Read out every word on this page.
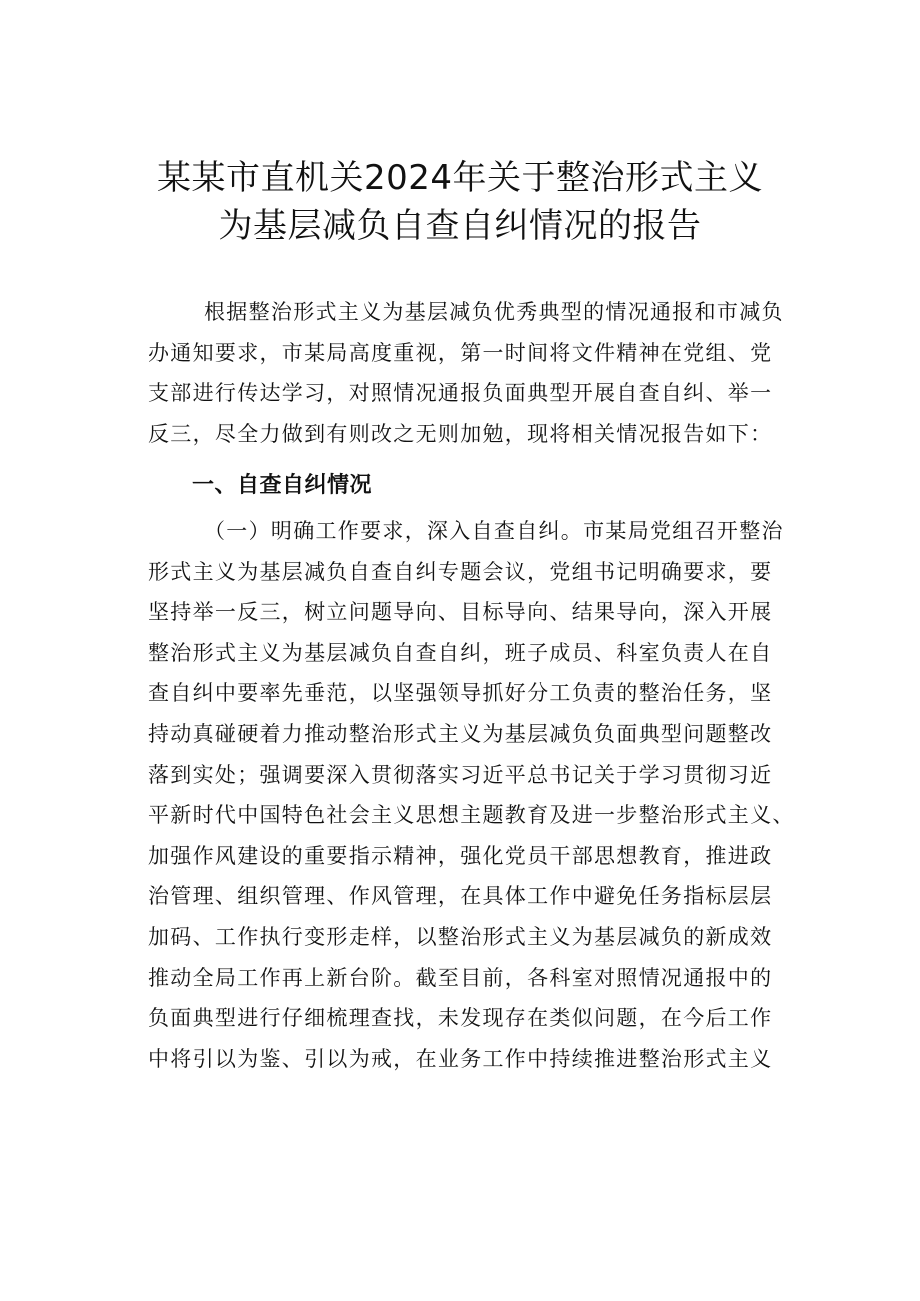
某某市直机关2024年关于整治形式主义
为基层减负自查自纠情况的报告
根据整治形式主义为基层减负优秀典型的情况通报和市减负
办通知要求，市某局高度重视，第一时间将文件精神在党组、党
支部进行传达学习，对照情况通报负面典型开展自查自纠、举一
反三，尽全力做到有则改之无则加勉，现将相关情况报告如下：
一、自查自纠情况
（一）明确工作要求，深入自查自纠。市某局党组召开整治
形式主义为基层减负自查自纠专题会议，党组书记明确要求，要
坚持举一反三，树立问题导向、目标导向、结果导向，深入开展
整治形式主义为基层减负自查自纠，班子成员、科室负责人在自
查自纠中要率先垂范，以坚强领导抓好分工负责的整治任务，坚
持动真碰硬着力推动整治形式主义为基层减负负面典型问题整改
落到实处；强调要深入贯彻落实习近平总书记关于学习贯彻习近
平新时代中国特色社会主义思想主题教育及进一步整治形式主义、
加强作风建设的重要指示精神，强化党员干部思想教育，推进政
治管理、组织管理、作风管理，在具体工作中避免任务指标层层
加码、工作执行变形走样，以整治形式主义为基层减负的新成效
推动全局工作再上新台阶。截至目前，各科室对照情况通报中的
负面典型进行仔细梳理查找，未发现存在类似问题，在今后工作
中将引以为鉴、引以为戒，在业务工作中持续推进整治形式主义
